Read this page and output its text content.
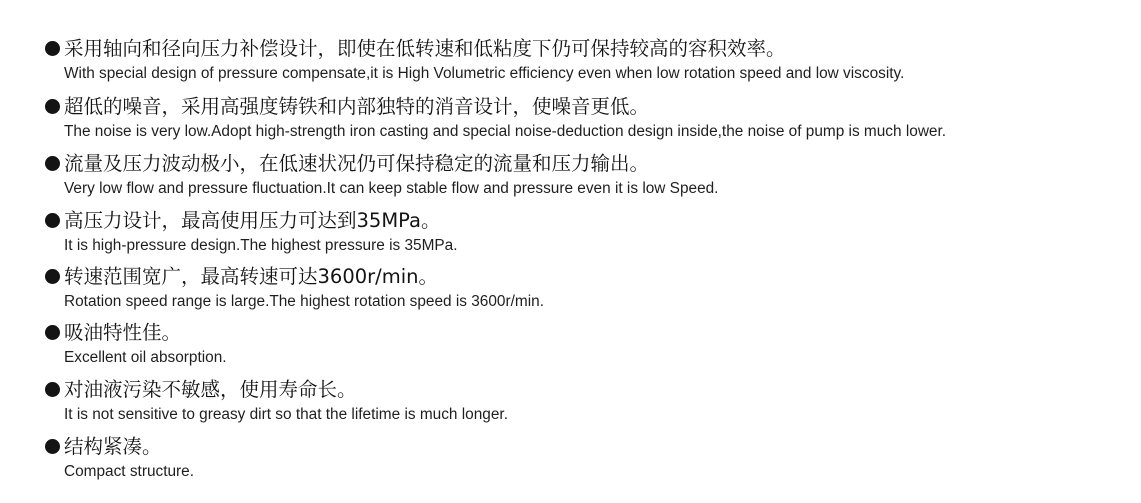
采用轴向和径向压力补偿设计，即使在低转速和低粘度下仍可保持较高的容积效率。
With special design of pressure compensate,it is High Volumetric efficiency even when low rotation speed and low viscosity.
超低的噪音，采用高强度铸铁和内部独特的消音设计，使噪音更低。
The noise is very low.Adopt high-strength iron casting and special noise-deduction design inside,the noise of pump is much lower.
流量及压力波动极小，在低速状况仍可保持稳定的流量和压力输出。
Very low flow and pressure fluctuation.It can keep stable flow and pressure even it is low Speed.
高压力设计，最高使用压力可达到35MPa。
It is high-pressure design.The highest pressure is 35MPa.
转速范围宽广，最高转速可达3600r/min。
Rotation speed range is large.The highest rotation speed is 3600r/min.
吸油特性佳。
Excellent oil absorption.
对油液污染不敏感，使用寿命长。
It is not sensitive to greasy dirt so that the lifetime is much longer.
结构紧凑。
Compact structure.
